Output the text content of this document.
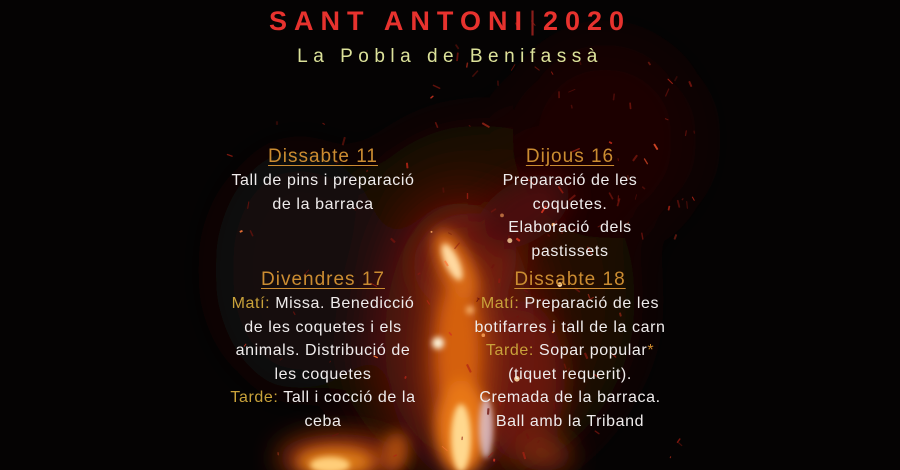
SANT ANTONI|2020
La Pobla de Benifassà
Dissabte 11
Tall de pins i preparació
de la barraca
Dijous 16
Preparació de les
coquetes.
Elaboració  dels
pastissets
Divendres 17
Matí: Missa. Benedicció
de les coquetes i els
animals. Distribució de
les coquetes
Tarde: Tall i cocció de la
ceba
Dissabte 18
Matí: Preparació de les
botifarres i tall de la carn
Tarde: Sopar popular*
(tiquet requerit).
Cremada de la barraca.
Ball amb la Triband
